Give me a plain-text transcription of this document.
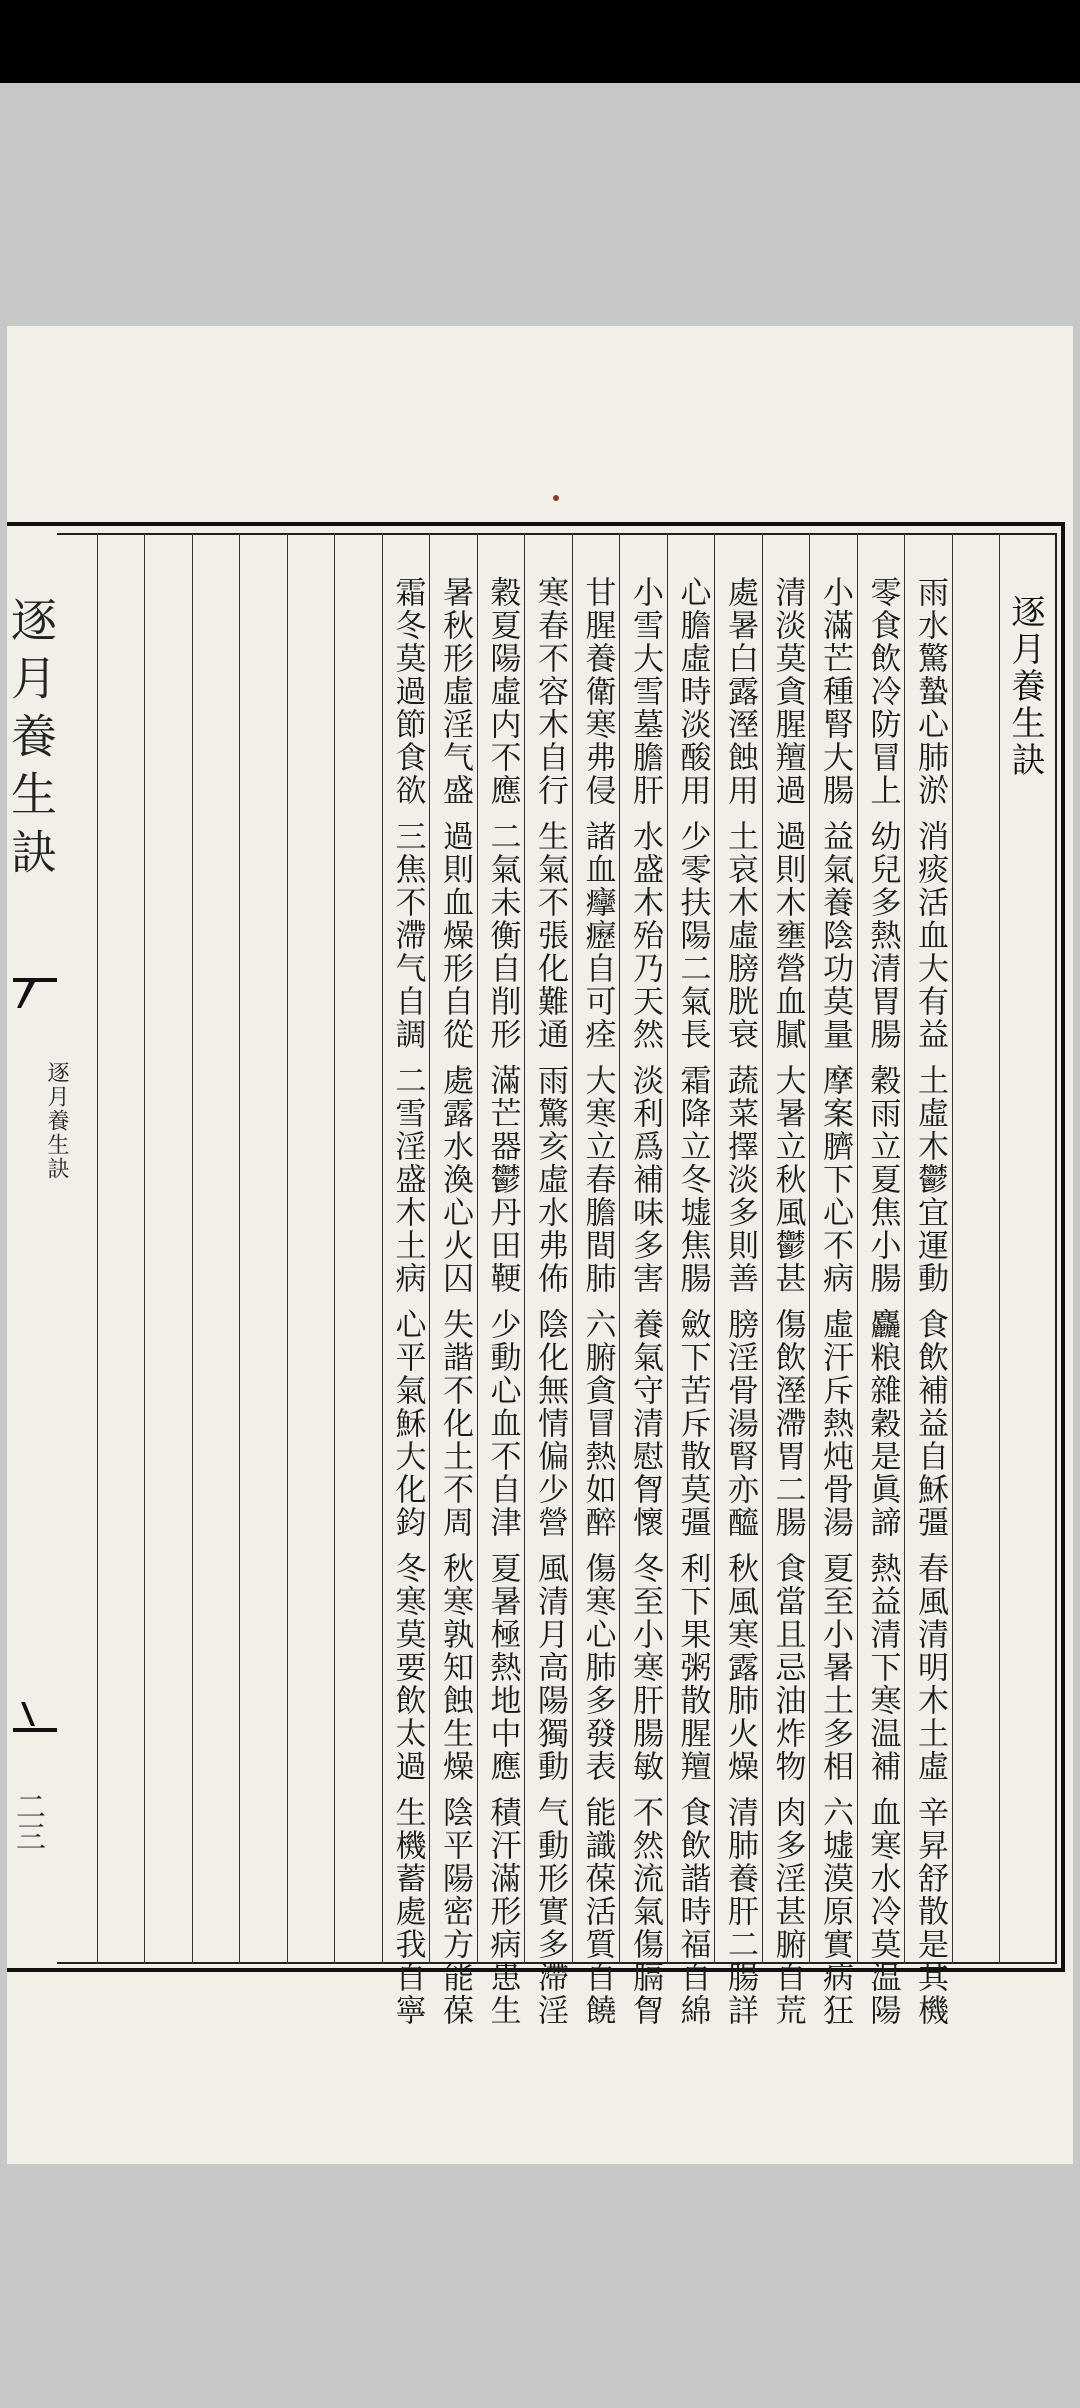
逐月養生訣
逐月養生訣
二三
逐月養生訣
雨水驚蟄心肺淤消痰活血大有益土虛木鬱宜運動食飲補益自穌彊春風清明木土虛辛昇舒散是其機
零食飲冷防冒上幼兒多熱清胃腸穀雨立夏焦小腸麤粮雜穀是眞諦熱益清下寒温補血寒水冷莫温陽
小滿芒種腎大腸益氣養陰功莫量摩案臍下心不病虛汗斥熱炖骨湯夏至小暑土多相六墟漠原實病狂
清淡莫貪腥羶過過則木壅營血膩大暑立秋風鬱甚傷飲溼滯胃二腸食當且忌油炸物肉多淫甚腑自荒
處暑白露溼蝕用土哀木虛膀胱衰蔬菜擇淡多則善膀淫骨湯腎亦醯秋風寒露肺火燥清肺養肝二腸詳
心膽虛時淡酸用少零扶陽二氣長霜降立冬墟焦腸斂下苦斥散莫彊利下果粥散腥羶食飲諧時福自綿
小雪大雪墓膽肝水盛木殆乃天然淡利爲補味多害養氣守清慰胷懷冬至小寒肝腸敏不然流氣傷膈胷
甘腥養衛寒弗侵諸血癴癧自可痊大寒立春膽間肺六腑貪冒熱如醉傷寒心肺多發表能識葆活質自饒
寒春不容木自行生氣不張化難通雨驚亥虛水弗佈陰化無情偏少營風清月高陽獨動气動形實多滯淫
穀夏陽虛内不應二氣未衡自削形滿芒器鬱丹田鞕少動心血不自津夏暑極熱地中應積汗滿形病患生
暑秋形虛淫气盛過則血燥形自從處露水渙心火囚失諧不化土不周秋寒孰知蝕生燥陰平陽密方能葆
霜冬莫過節食欲三焦不滯气自調二雪淫盛木土病心平氣穌大化鈞冬寒莫要飲太過生機蓄處我自寧
